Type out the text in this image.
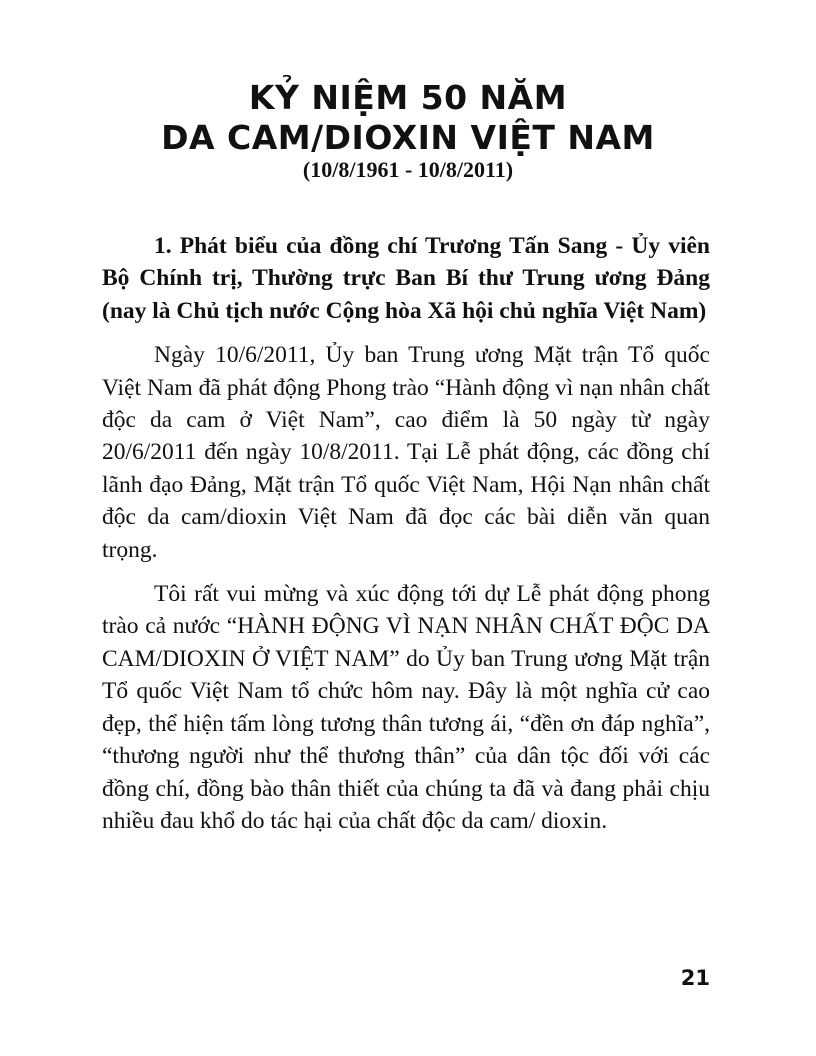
KỶ NIỆM 50 NĂM
DA CAM/DIOXIN VIỆT NAM
(10/8/1961 - 10/8/2011)

1. Phát biểu của đồng chí Trương Tấn Sang - Ủy viên Bộ Chính trị, Thường trực Ban Bí thư Trung ương Đảng (nay là Chủ tịch nước Cộng hòa Xã hội chủ nghĩa Việt Nam)

Ngày 10/6/2011, Ủy ban Trung ương Mặt trận Tổ quốc Việt Nam đã phát động Phong trào “Hành động vì nạn nhân chất độc da cam ở Việt Nam”, cao điểm là 50 ngày từ ngày 20/6/2011 đến ngày 10/8/2011. Tại Lễ phát động, các đồng chí lãnh đạo Đảng, Mặt trận Tổ quốc Việt Nam, Hội Nạn nhân chất độc da cam/dioxin Việt Nam đã đọc các bài diễn văn quan trọng.

Tôi rất vui mừng và xúc động tới dự Lễ phát động phong trào cả nước “HÀNH ĐỘNG VÌ NẠN NHÂN CHẤT ĐỘC DA CAM/DIOXIN Ở VIỆT NAM” do Ủy ban Trung ương Mặt trận Tổ quốc Việt Nam tổ chức hôm nay. Đây là một nghĩa cử cao đẹp, thể hiện tấm lòng tương thân tương ái, “đền ơn đáp nghĩa”, “thương người như thể thương thân” của dân tộc đối với các đồng chí, đồng bào thân thiết của chúng ta đã và đang phải chịu nhiều đau khổ do tác hại của chất độc da cam/ dioxin.

21
